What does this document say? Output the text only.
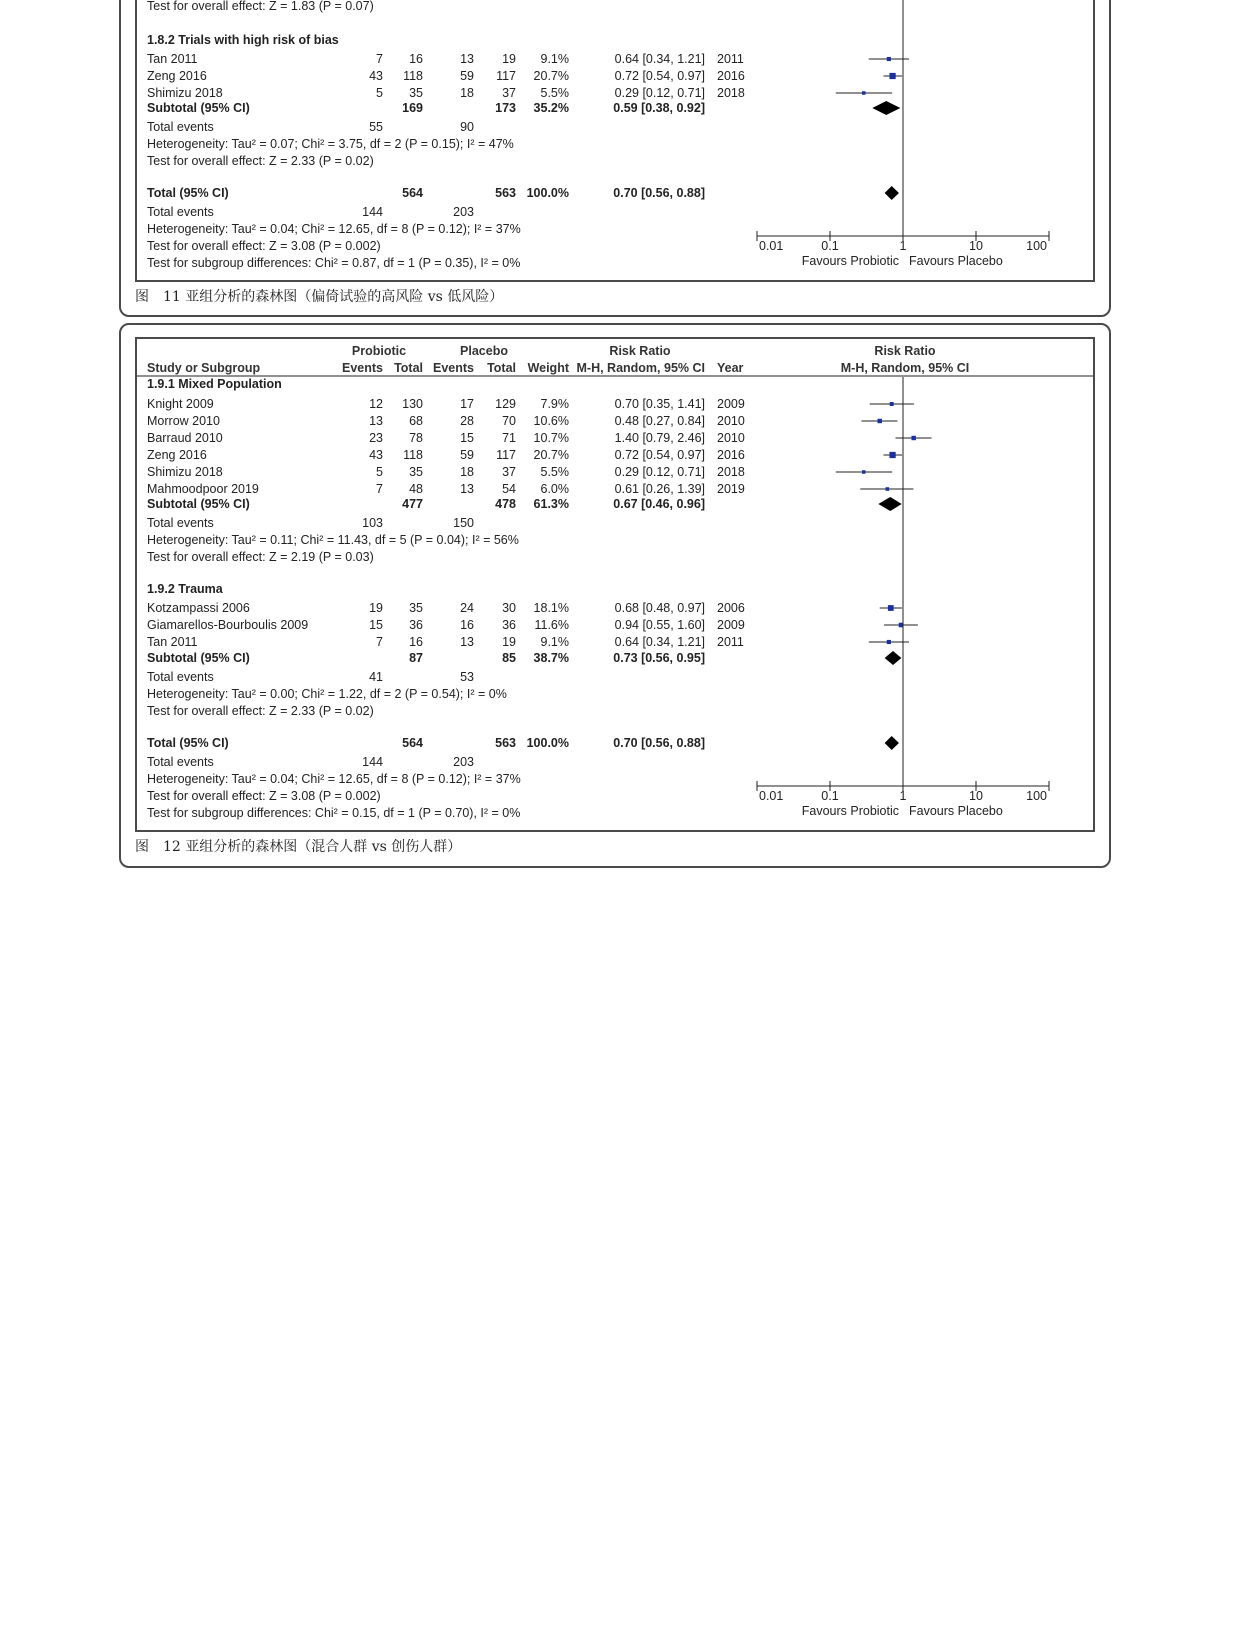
Test for overall effect: Z = 1.83 (P = 0.07)
1.8.2 Trials with high risk of bias
Tan 2011	7 16	13 19 9.1%	0.64 [0.34, 1.21] 2011
Zeng 2016	43 118	59 117 20.7%	0.72 [0.54, 0.97] 2016
Shimizu 2018	5 35	18 37 5.5%	0.29 [0.12, 0.71] 2018
Subtotal (95% CI)	169	173 35.2%	0.59 [0.38, 0.92]
Total events	55	90
Heterogeneity: Tau² = 0.07; Chi² = 3.75, df = 2 (P = 0.15); I² = 47%
Test for overall effect: Z = 2.33 (P = 0.02)
Total (95% CI)	564	563 100.0%	0.70 [0.56, 0.88]
Total events	144	203
Heterogeneity: Tau² = 0.04; Chi² = 12.65, df = 8 (P = 0.12); I² = 37%
Test for overall effect: Z = 3.08 (P = 0.002)
Test for subgroup differences: Chi² = 0.87, df = 1 (P = 0.35), I² = 0%
0.01	0.1	1	10	100
Favours Probiotic Favours Placebo
图　11 亚组分析的森林图（偏倚试验的高风险 vs 低风险）
Probiotic	Placebo	Risk Ratio	Risk Ratio
Study or Subgroup	Events Total Events Total Weight M-H, Random, 95% CI Year	M-H, Random, 95% CI
1.9.1 Mixed Population
Knight 2009	12 130	17 129 7.9%	0.70 [0.35, 1.41] 2009
Morrow 2010	13 68	28 70 10.6%	0.48 [0.27, 0.84] 2010
Barraud 2010	23 78	15 71 10.7%	1.40 [0.79, 2.46] 2010
Zeng 2016	43 118	59 117 20.7%	0.72 [0.54, 0.97] 2016
Shimizu 2018	5 35	18 37 5.5%	0.29 [0.12, 0.71] 2018
Mahmoodpoor 2019	7 48	13 54 6.0%	0.61 [0.26, 1.39] 2019
Subtotal (95% CI)	477	478 61.3%	0.67 [0.46, 0.96]
Total events	103	150
Heterogeneity: Tau² = 0.11; Chi² = 11.43, df = 5 (P = 0.04); I² = 56%
Test for overall effect: Z = 2.19 (P = 0.03)
1.9.2 Trauma
Kotzampassi 2006	19 35	24 30 18.1%	0.68 [0.48, 0.97] 2006
Giamarellos-Bourboulis 2009	15 36	16 36 11.6%	0.94 [0.55, 1.60] 2009
Tan 2011	7 16	13 19 9.1%	0.64 [0.34, 1.21] 2011
Subtotal (95% CI)	87	85 38.7%	0.73 [0.56, 0.95]
Total events	41	53
Heterogeneity: Tau² = 0.00; Chi² = 1.22, df = 2 (P = 0.54); I² = 0%
Test for overall effect: Z = 2.33 (P = 0.02)
Total (95% CI)	564	563 100.0%	0.70 [0.56, 0.88]
Total events	144	203
Heterogeneity: Tau² = 0.04; Chi² = 12.65, df = 8 (P = 0.12); I² = 37%
Test for overall effect: Z = 3.08 (P = 0.002)
Test for subgroup differences: Chi² = 0.15, df = 1 (P = 0.70), I² = 0%
0.01	0.1	1	10	100
Favours Probiotic Favours Placebo
图　12 亚组分析的森林图（混合人群 vs 创伤人群）
